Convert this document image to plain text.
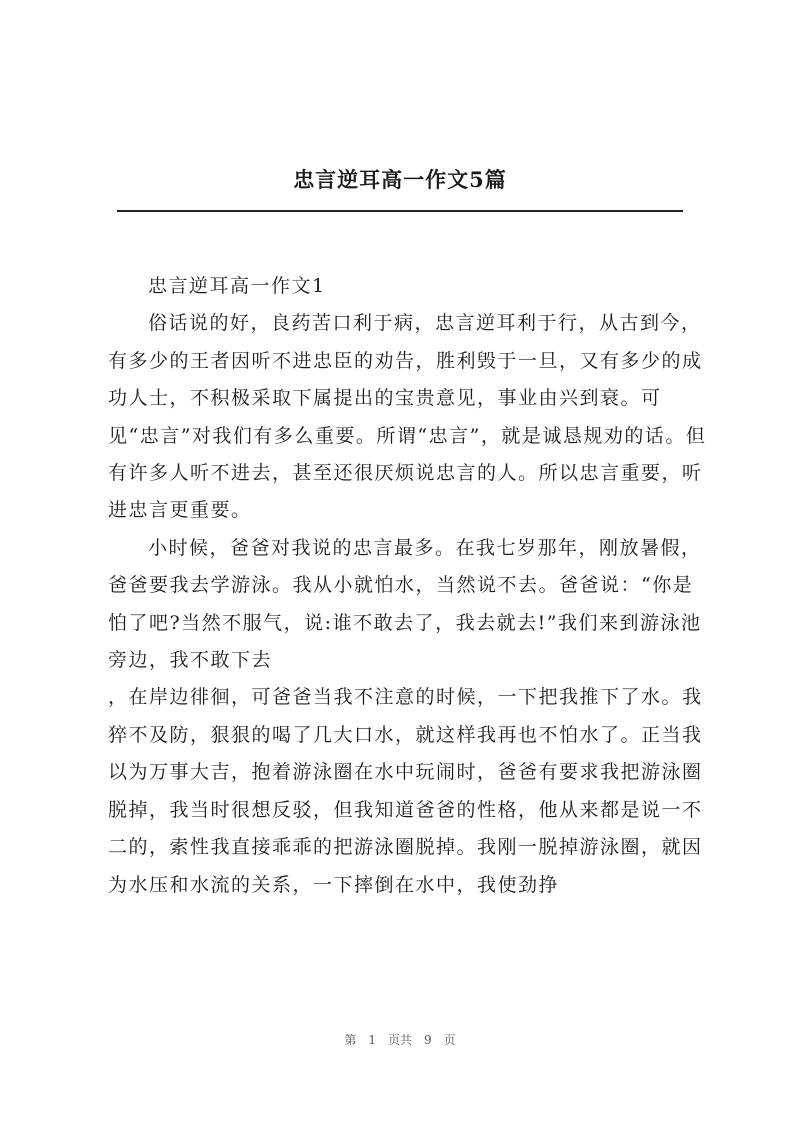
忠言逆耳高一作文5篇

忠言逆耳高一作文1

俗话说的好，良药苦口利于病，忠言逆耳利于行，从古到今，有多少的王者因听不进忠臣的劝告，胜利毁于一旦，又有多少的成功人士，不积极采取下属提出的宝贵意见，事业由兴到衰。可见“忠言”对我们有多么重要。所谓“忠言”，就是诚恳规劝的话。但有许多人听不进去，甚至还很厌烦说忠言的人。所以忠言重要，听进忠言更重要。

小时候，爸爸对我说的忠言最多。在我七岁那年，刚放暑假，爸爸要我去学游泳。我从小就怕水，当然说不去。爸爸说：“你是怕了吧?当然不服气，说:谁不敢去了，我去就去!”我们来到游泳池旁边，我不敢下去

，在岸边徘徊，可爸爸当我不注意的时候，一下把我推下了水。我猝不及防，狠狠的喝了几大口水，就这样我再也不怕水了。正当我以为万事大吉，抱着游泳圈在水中玩闹时，爸爸有要求我把游泳圈脱掉，我当时很想反驳，但我知道爸爸的性格，他从来都是说一不二的，索性我直接乖乖的把游泳圈脱掉。我刚一脱掉游泳圈，就因为水压和水流的关系，一下摔倒在水中，我使劲挣

第 1 页共 9 页
